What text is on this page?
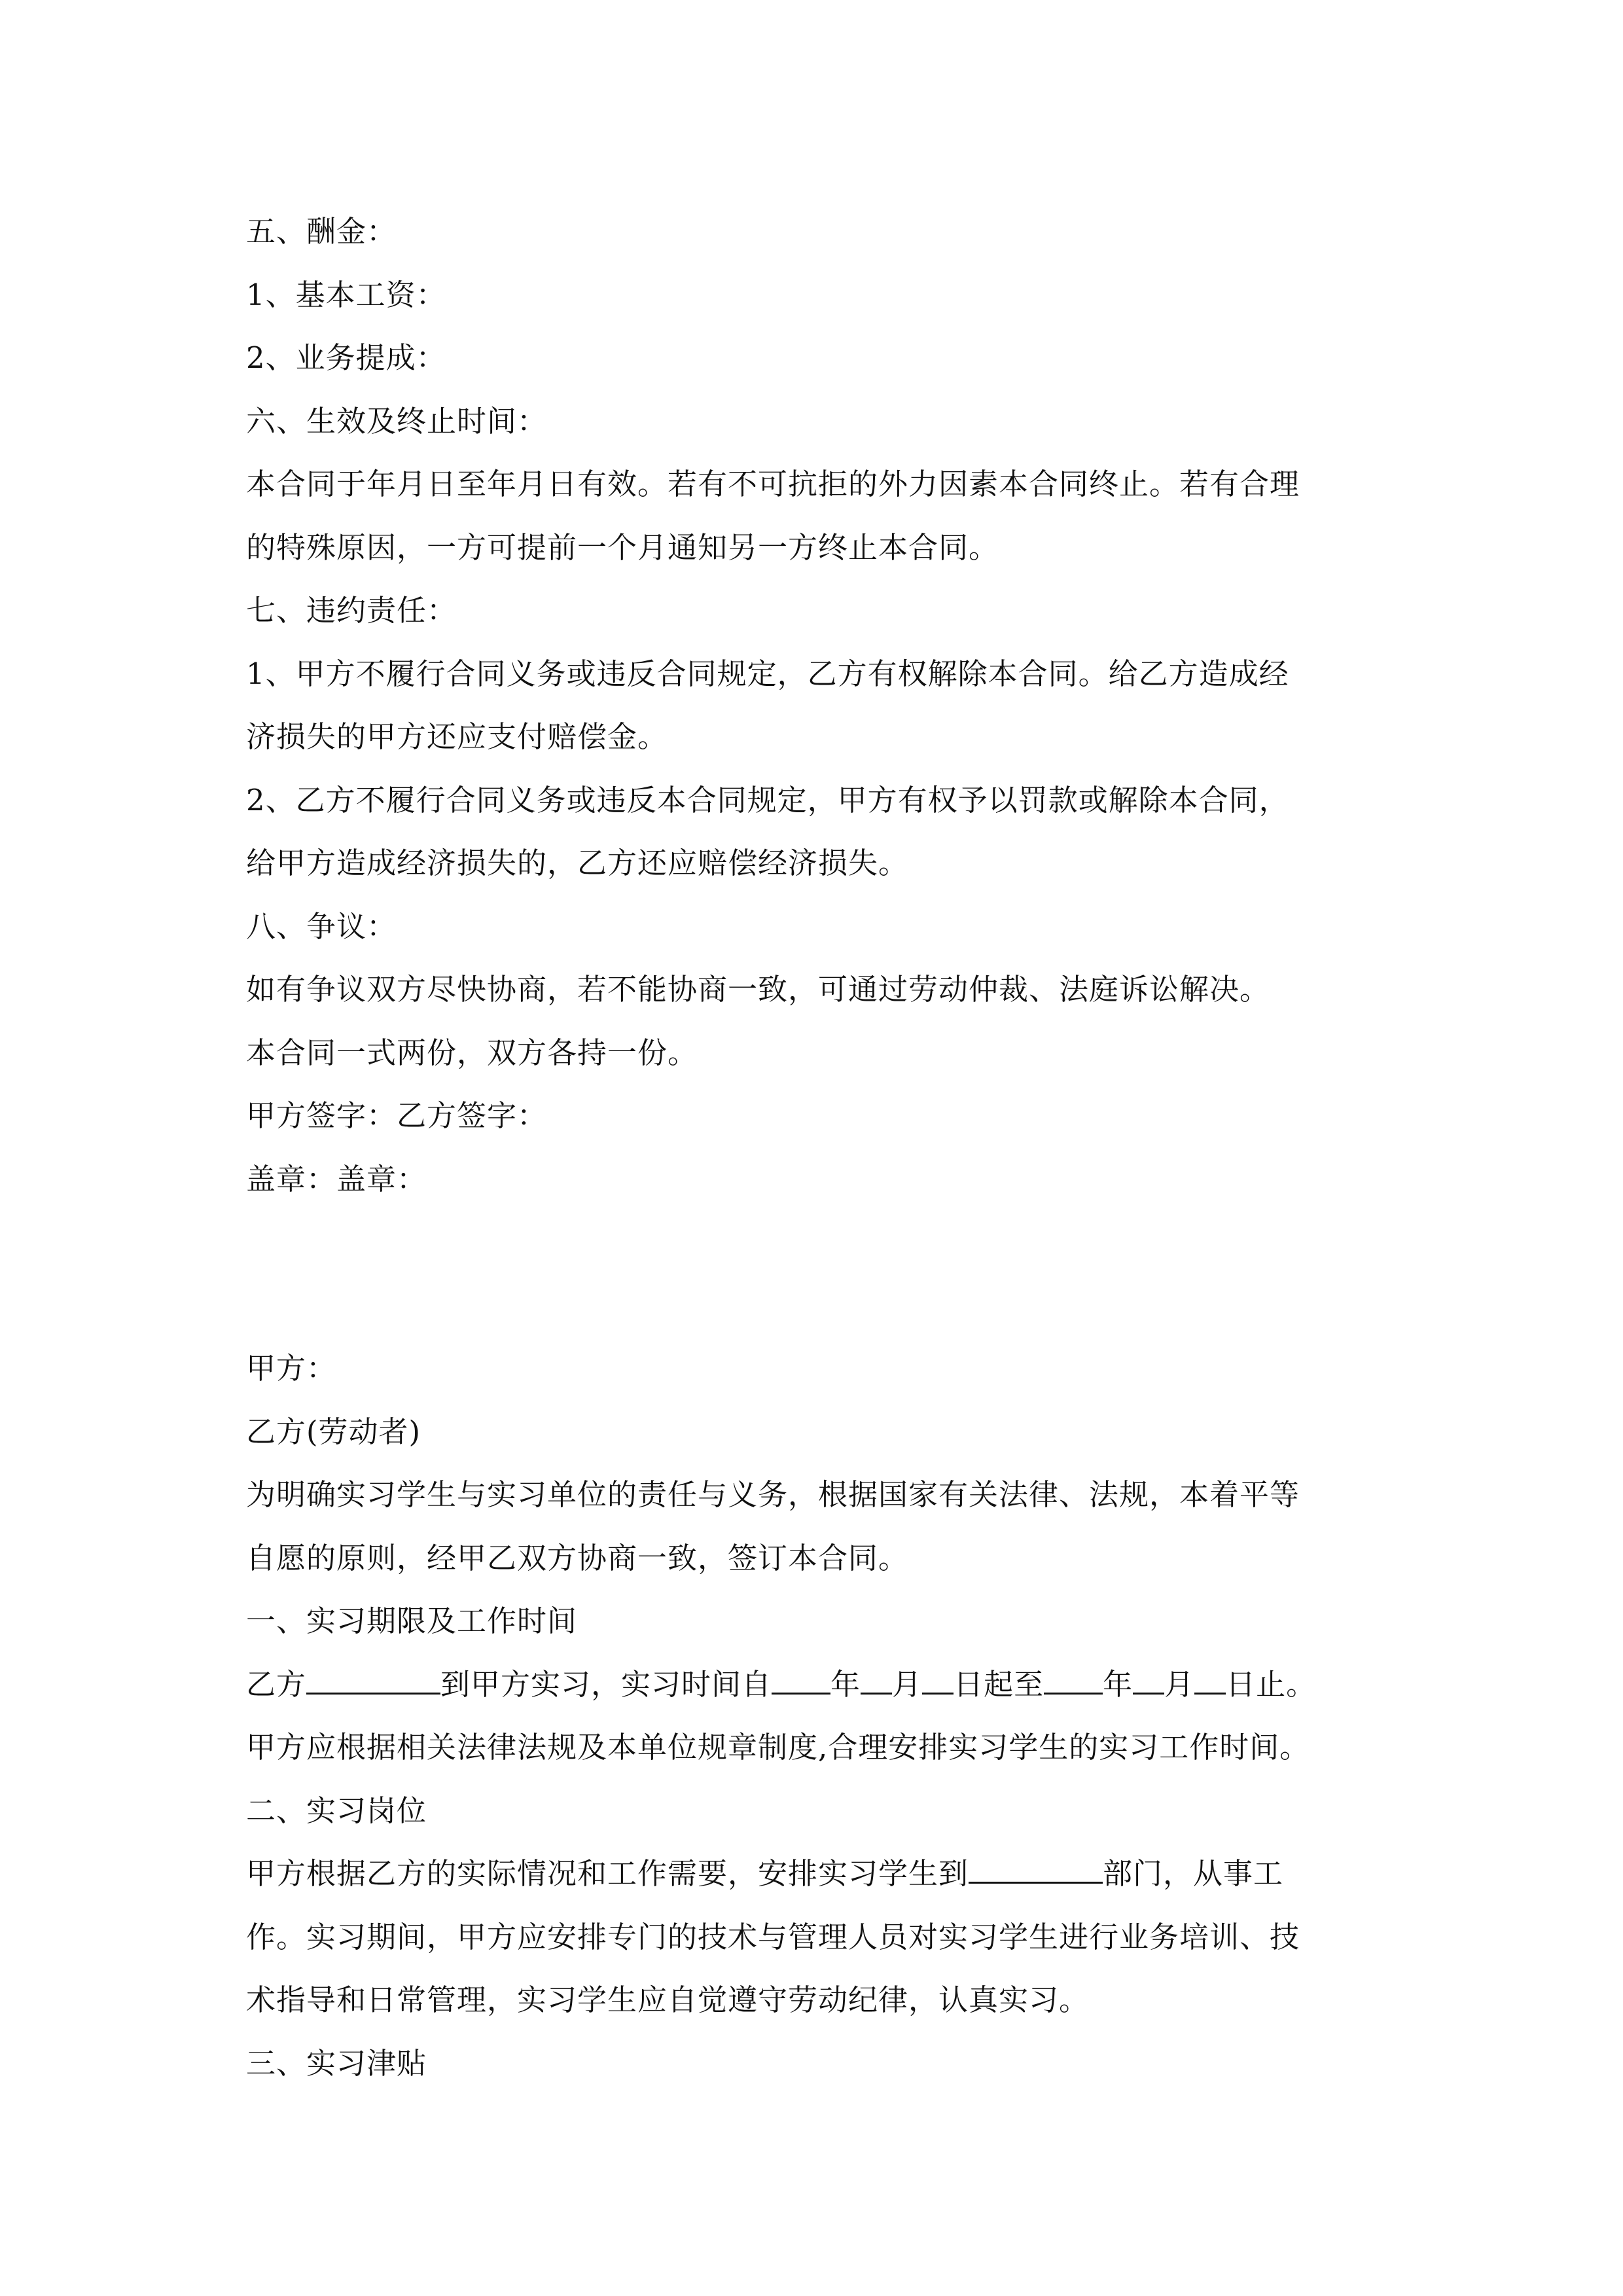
五、酬金：
1、基本工资：
2、业务提成：
六、生效及终止时间：
本合同于年月日至年月日有效。若有不可抗拒的外力因素本合同终止。若有合理
的特殊原因，一方可提前一个月通知另一方终止本合同。
七、违约责任：
1、甲方不履行合同义务或违反合同规定，乙方有权解除本合同。给乙方造成经
济损失的甲方还应支付赔偿金。
2、乙方不履行合同义务或违反本合同规定，甲方有权予以罚款或解除本合同，
给甲方造成经济损失的，乙方还应赔偿经济损失。
八、争议：
如有争议双方尽快协商，若不能协商一致，可通过劳动仲裁、法庭诉讼解决。
本合同一式两份，双方各持一份。
甲方签字：乙方签字：
盖章：盖章：
甲方：
乙方(劳动者)
为明确实习学生与实习单位的责任与义务，根据国家有关法律、法规，本着平等
自愿的原则，经甲乙双方协商一致，签订本合同。
一、实习期限及工作时间
乙方	到甲方实习，实习时间自 年 月 日起至 年 月 日止。
甲方应根据相关法律法规及本单位规章制度,合理安排实习学生的实习工作时间。
二、实习岗位
甲方根据乙方的实际情况和工作需要，安排实习学生到	部门，从事工
作。实习期间，甲方应安排专门的技术与管理人员对实习学生进行业务培训、技
术指导和日常管理，实习学生应自觉遵守劳动纪律，认真实习。
三、实习津贴
